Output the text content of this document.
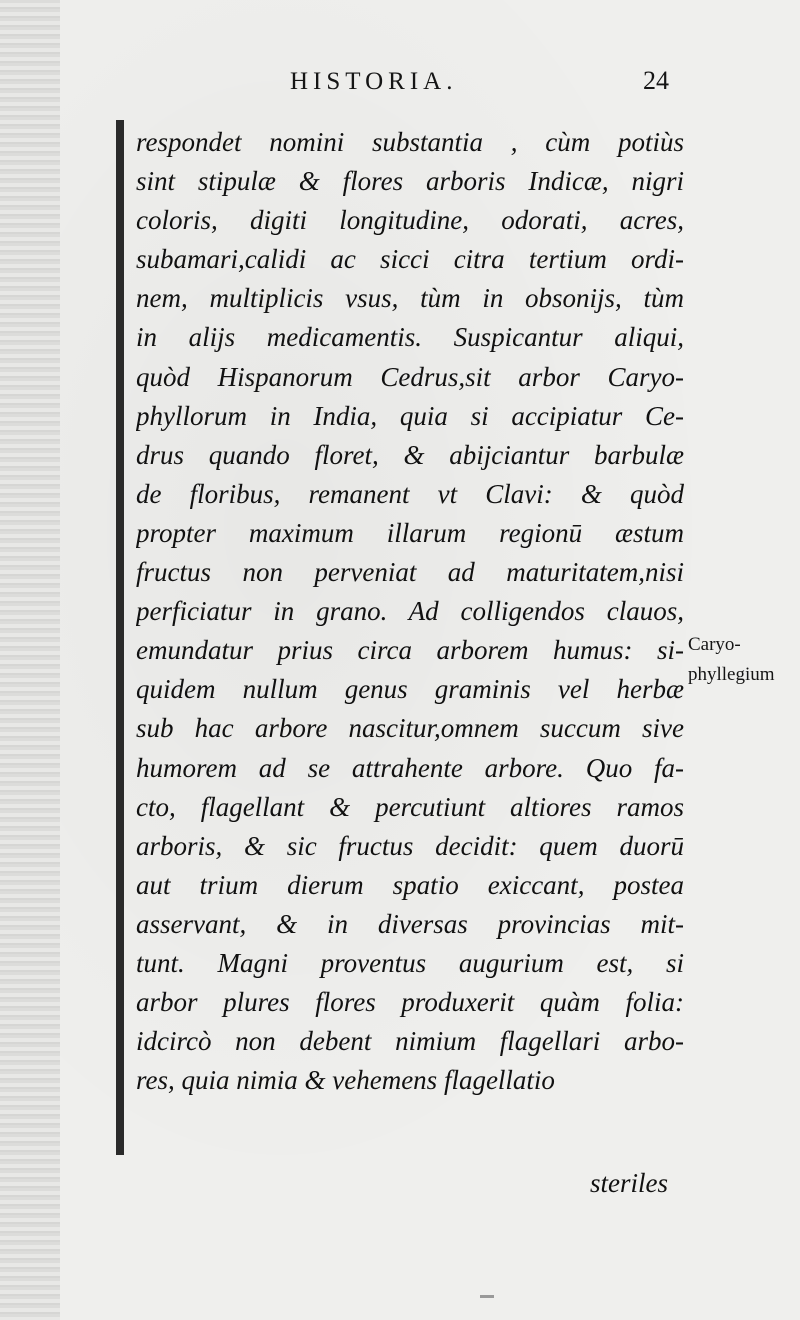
HISTORIA.	24
respondet nomini substantia , cùm potiùs
sint stipulæ & flores arboris Indicæ, nigri
coloris, digiti longitudine, odorati, acres,
subamari,calidi ac sicci citra tertium ordi-
nem, multiplicis vsus, tùm in obsonijs, tùm
in alijs medicamentis. Suspicantur aliqui,
quòd Hispanorum Cedrus,sit arbor Caryo-
phyllorum in India, quia si accipiatur Ce-
drus quando floret, & abijciantur barbulæ
de floribus, remanent vt Clavi: & quòd
propter maximum illarum regionū æstum
fructus non perveniat ad maturitatem,nisi
perficiatur in grano. Ad colligendos clauos,
emundatur prius circa arborem humus: si-
quidem nullum genus graminis vel herbæ
sub hac arbore nascitur,omnem succum sive
humorem ad se attrahente arbore. Quo fa-
cto, flagellant & percutiunt altiores ramos
arboris, & sic fructus decidit: quem duorū
aut trium dierum spatio exiccant, postea
asservant, & in diversas provincias mit-
tunt. Magni proventus augurium est, si
arbor plures flores produxerit quàm folia:
idcircò non debent nimium flagellari arbo-
res, quia nimia & vehemens flagellatio
steriles
Caryo-
phyllegium
